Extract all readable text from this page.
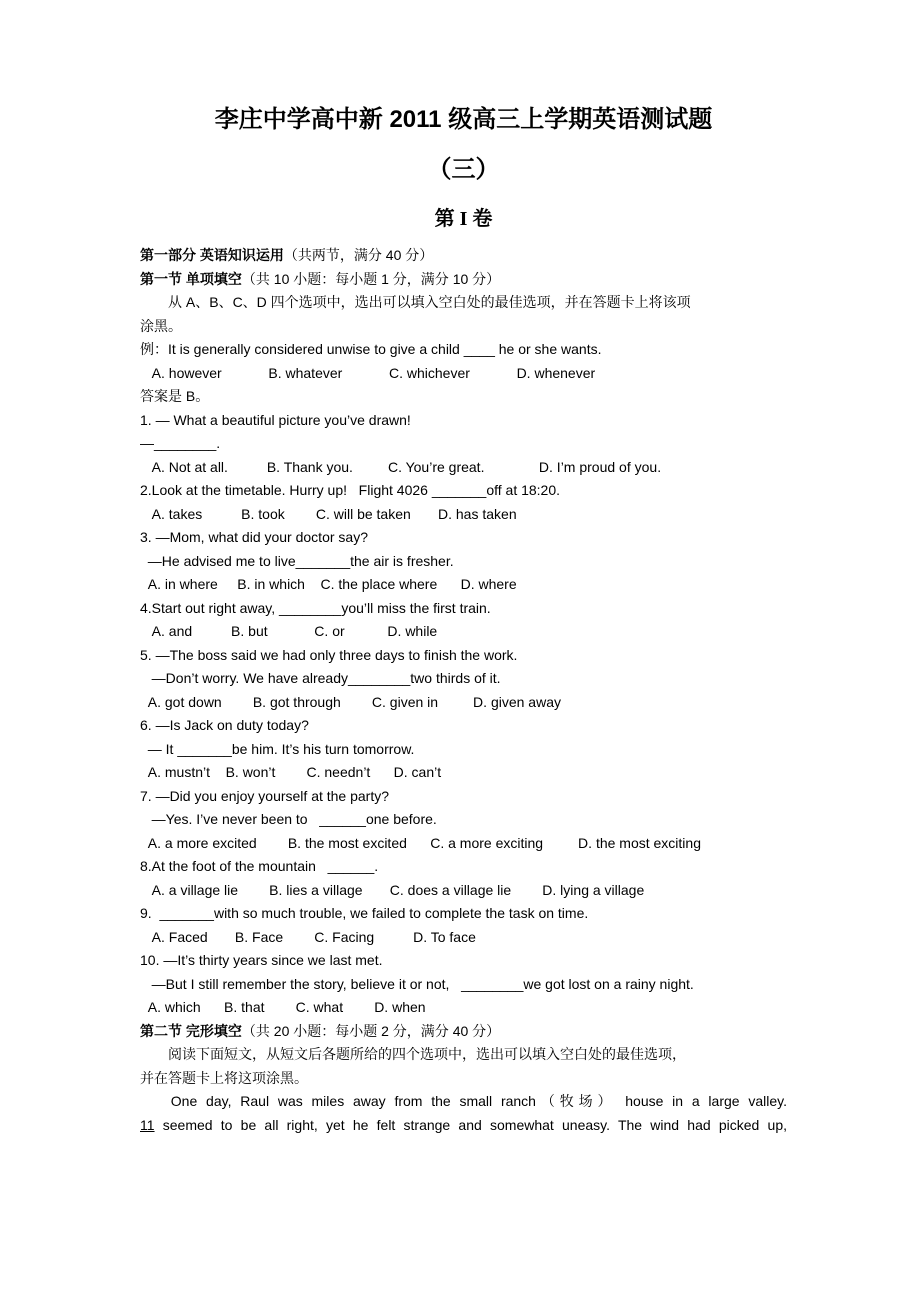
李庄中学高中新 2011 级高三上学期英语测试题
（三）
第 I 卷
第一部分 英语知识运用（共两节，满分 40 分）
第一节 单项填空（共 10 小题：每小题 1 分，满分 10 分）
　　从 A、B、C、D 四个选项中，选出可以填入空白处的最佳选项，并在答题卡上将该项
涂黑。
例：It is generally considered unwise to give a child ____ he or she wants.
A. however            B. whatever            C. whichever            D. whenever
答案是 B。
1. — What a beautiful picture you’ve drawn!
—________.
A. Not at all.          B. Thank you.         C. You’re great.              D. I’m proud of you.
2.Look at the timetable. Hurry up!   Flight 4026 _______off at 18:20.
A. takes          B. took        C. will be taken       D. has taken
3. —Mom, what did your doctor say?
—He advised me to live_______the air is fresher.
A. in where     B. in which    C. the place where      D. where
4.Start out right away, ________you’ll miss the first train.
A. and          B. but            C. or           D. while
5. —The boss said we had only three days to finish the work.
—Don’t worry. We have already________two thirds of it.
A. got down        B. got through        C. given in         D. given away
6. —Is Jack on duty today?
— It _______be him. It’s his turn tomorrow.
A. mustn’t    B. won’t        C. needn’t      D. can’t
7. —Did you enjoy yourself at the party?
—Yes. I’ve never been to   ______one before.
A. a more excited        B. the most excited      C. a more exciting         D. the most exciting
8.At the foot of the mountain   ______.
A. a village lie        B. lies a village       C. does a village lie        D. lying a village
9.  _______with so much trouble, we failed to complete the task on time.
A. Faced       B. Face        C. Facing          D. To face
10. —It’s thirty years since we last met.
—But I still remember the story, believe it or not,   ________we got lost on a rainy night.
A. which      B. that        C. what        D. when
第二节 完形填空（共 20 小题：每小题 2 分，满分 40 分）
　　阅读下面短文，从短文后各题所给的四个选项中，选出可以填入空白处的最佳选项，
并在答题卡上将这项涂黑。
One day, Raul was miles away from the small ranch（牧场） house in a large valley.
11 seemed to be all right, yet he felt strange and somewhat uneasy. The wind had picked up,
